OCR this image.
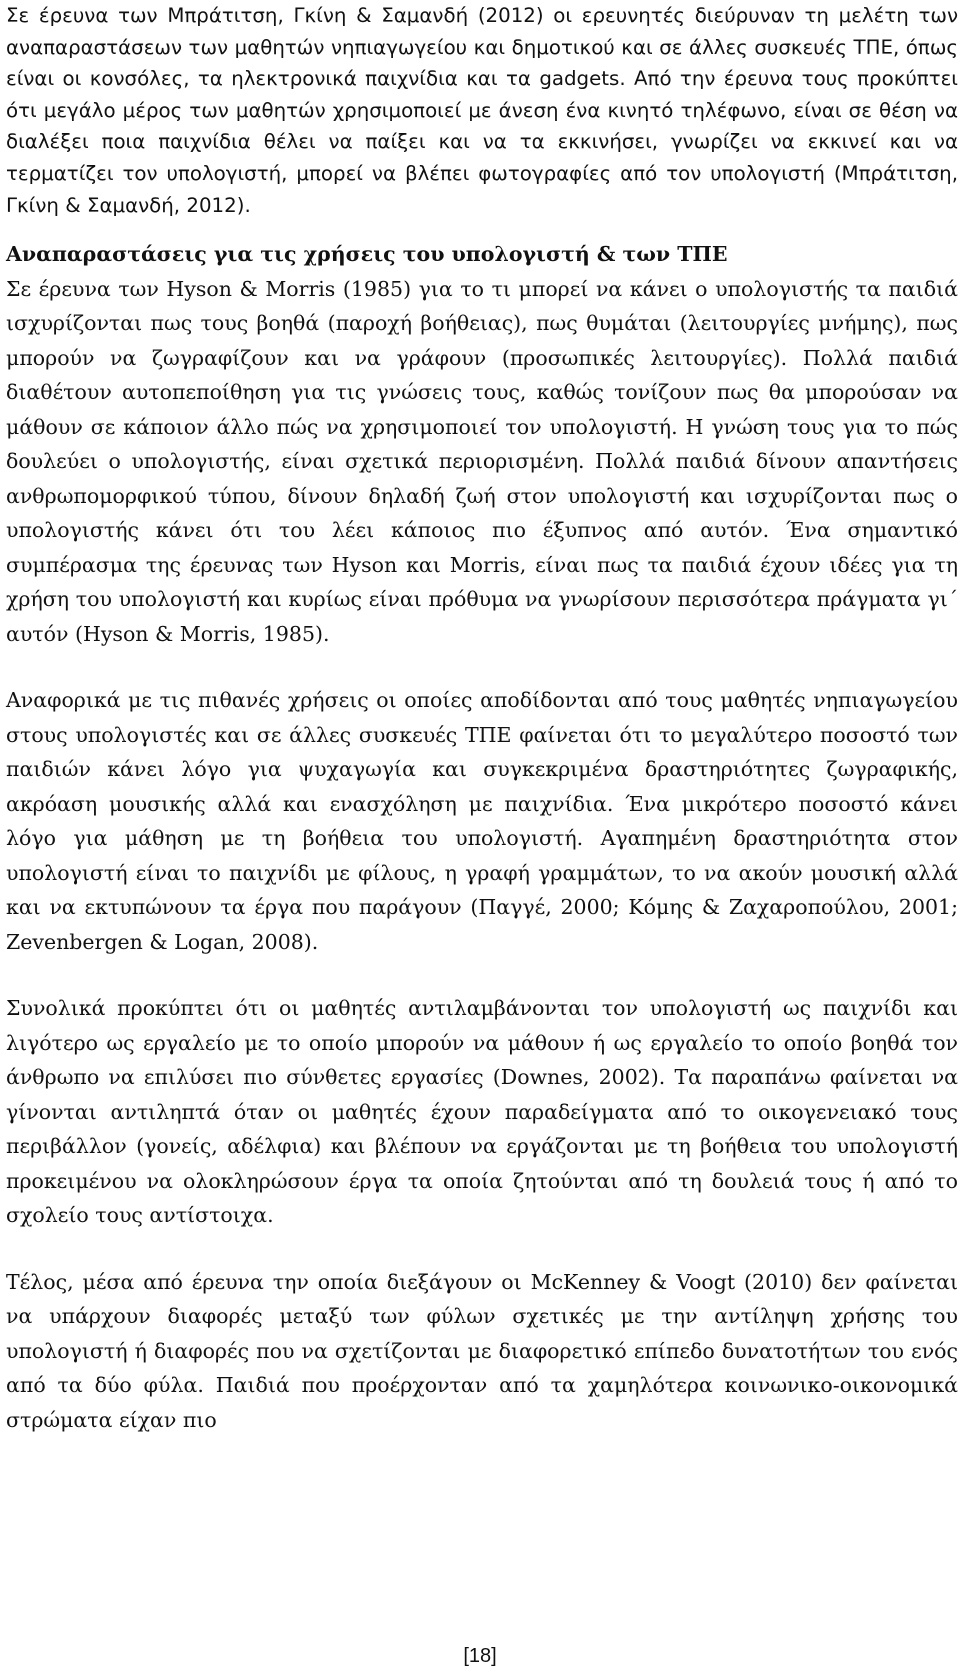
Σε έρευνα των Μπράτιτση, Γκίνη & Σαμανδή (2012) οι ερευνητές διεύρυναν τη μελέτη των αναπαραστάσεων των μαθητών νηπιαγωγείου και δημοτικού και σε άλλες συσκευές ΤΠΕ, όπως είναι οι κονσόλες, τα ηλεκτρονικά παιχνίδια και τα gadgets. Από την έρευνα τους προκύπτει ότι μεγάλο μέρος των μαθητών χρησιμοποιεί με άνεση ένα κινητό τηλέφωνο, είναι σε θέση να διαλέξει ποια παιχνίδια θέλει να παίξει και να τα εκκινήσει, γνωρίζει να εκκινεί και να τερματίζει τον υπολογιστή, μπορεί να βλέπει φωτογραφίες από τον υπολογιστή (Μπράτιτση, Γκίνη & Σαμανδή, 2012).

Αναπαραστάσεις για τις χρήσεις του υπολογιστή & των ΤΠΕ

Σε έρευνα των Hyson & Morris (1985) για το τι μπορεί να κάνει ο υπολογιστής τα παιδιά ισχυρίζονται πως τους βοηθά (παροχή βοήθειας), πως θυμάται (λειτουργίες μνήμης), πως μπορούν να ζωγραφίζουν και να γράφουν (προσωπικές λειτουργίες). Πολλά παιδιά διαθέτουν αυτοπεποίθηση για τις γνώσεις τους, καθώς τονίζουν πως θα μπορούσαν να μάθουν σε κάποιον άλλο πώς να χρησιμοποιεί τον υπολογιστή. Η γνώση τους για το πώς δουλεύει ο υπολογιστής, είναι σχετικά περιορισμένη. Πολλά παιδιά δίνουν απαντήσεις ανθρωπομορφικού τύπου, δίνουν δηλαδή ζωή στον υπολογιστή και ισχυρίζονται πως ο υπολογιστής κάνει ότι του λέει κάποιος πιο έξυπνος από αυτόν. Ένα σημαντικό συμπέρασμα της έρευνας των Hyson και Morris, είναι πως τα παιδιά έχουν ιδέες για τη χρήση του υπολογιστή και κυρίως είναι πρόθυμα να γνωρίσουν περισσότερα πράγματα γι΄ αυτόν (Hyson & Morris, 1985).

Αναφορικά με τις πιθανές χρήσεις οι οποίες αποδίδονται από τους μαθητές νηπιαγωγείου στους υπολογιστές και σε άλλες συσκευές ΤΠΕ φαίνεται ότι το μεγαλύτερο ποσοστό των παιδιών κάνει λόγο για ψυχαγωγία και συγκεκριμένα δραστηριότητες ζωγραφικής, ακρόαση μουσικής αλλά και ενασχόληση με παιχνίδια. Ένα μικρότερο ποσοστό κάνει λόγο για μάθηση με τη βοήθεια του υπολογιστή. Αγαπημένη δραστηριότητα στον υπολογιστή είναι το παιχνίδι με φίλους, η γραφή γραμμάτων, το να ακούν μουσική αλλά και να εκτυπώνουν τα έργα που παράγουν (Παγγέ, 2000; Κόμης & Ζαχαροπούλου, 2001; Zevenbergen & Logan, 2008).

Συνολικά προκύπτει ότι οι μαθητές αντιλαμβάνονται τον υπολογιστή ως παιχνίδι και λιγότερο ως εργαλείο με το οποίο μπορούν να μάθουν ή ως εργαλείο το οποίο βοηθά τον άνθρωπο να επιλύσει πιο σύνθετες εργασίες (Downes, 2002). Τα παραπάνω φαίνεται να γίνονται αντιληπτά όταν οι μαθητές έχουν παραδείγματα από το οικογενειακό τους περιβάλλον (γονείς, αδέλφια) και βλέπουν να εργάζονται με τη βοήθεια του υπολογιστή προκειμένου να ολοκληρώσουν έργα τα οποία ζητούνται από τη δουλειά τους ή από το σχολείο τους αντίστοιχα.

Τέλος, μέσα από έρευνα την οποία διεξάγουν οι McKenney & Voogt (2010) δεν φαίνεται να υπάρχουν διαφορές μεταξύ των φύλων σχετικές με την αντίληψη χρήσης του υπολογιστή ή διαφορές που να σχετίζονται με διαφορετικό επίπεδο δυνατοτήτων του ενός από τα δύο φύλα. Παιδιά που προέρχονταν από τα χαμηλότερα κοινωνικο-οικονομικά στρώματα είχαν πιο

[18]
